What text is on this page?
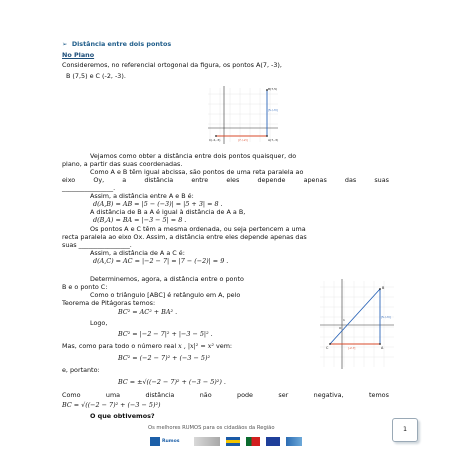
➢ Distância entre dois pontos
No Plano
Consideremos, no referencial ortogonal da figura, os pontos A(7, -3),
B (7,5) e C (-2, -3).
B(7,5)
A(7,-3)
C(-2,-3)
|5-(-3)|
|7-(-2)|
Vejamos como obter a distância entre dois pontos quaisquer, do
plano, a partir das suas coordenadas.
Como A e B têm igual abcissa, são pontos de uma reta paralela ao
eixo	Oy,	a	distância	entre	eles	depende	apenas	das	suas
________________.
Assim, a distância entre A e B é:
d(A,B) = AB = |5 − (−3)| = |5 + 3| = 8 .
A distância de B a A é igual à distância de A a B,
d(B,A) = BA = |−3 − 5| = 8 .
Os pontos A e C têm a mesma ordenada, ou seja pertencem a uma
recta paralela ao eixo Ox. Assim, a distância entre eles depende apenas das
suas ________________.
Assim, a distância de A a C é:
d(A,C) = AC = |−2 − 7| = |7 − (−2)| = 9 .
Determinemos, agora, a distância entre o ponto
B e o ponto C:
Como o triângulo [ABC] é retângulo em A, pelo
Teorema de Pitágoras temos:
BC² = AC² + BA² .
Logo,
BC² = |−2 − 7|² + |−3 − 5|² .
Mas, como para todo o número real x , |x|² = x² vem:
BC² = (−2 − 7)² + (−3 − 5)²
e, portanto:
BC = ±√((−2 − 7)² + (−3 − 5)²) .
Como	uma	distância	não	pode	ser	negativa,	temos
BC = √((−2 − 7)² + (−3 − 5)²)
O que obtivemos?
B
A
C
O
1
|5-(-3)|
|-2-7|
1
Os melhores RUMOS para os cidadãos da Região
Rumos
